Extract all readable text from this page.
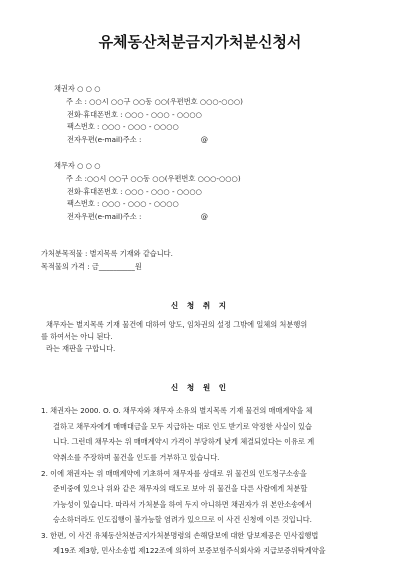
유체동산처분금지가처분신청서
채권자 ○ ○ ○
주 소 : ○○시 ○○구 ○○동 ○○(우편번호 ○○○-○○○)
전화·휴대폰번호 : ○○○ - ○○○ - ○○○○
팩스번호 : ○○○ - ○○○ - ○○○○
전자우편(e-mail)주소 :                          @
채무자 ○ ○ ○
주 소 :○○시 ○○구 ○○동 ○○(우편번호 ○○○-○○○)
전화·휴대폰번호 : ○○○ - ○○○ - ○○○○
팩스번호 : ○○○ - ○○○ - ○○○○
전자우편(e-mail)주소 :                          @
가처분목적물 : 별지목록 기재와 같습니다.
목적물의 가격 : 금__________원
신 청 취 지
채무자는 별지목록 기재 물건에 대하여 양도, 임차권의 설정 그밖에 일체의 처분행위
를 하여서는 아니 된다.
라는 재판을 구합니다.
신 청 원 인
1. 채권자는 2000. O. O. 채무자와 채무자 소유의 별지목록 기재 물건의 매매계약을 체
결하고 채무자에게 매매대금을 모두 지급하는 대로 인도 받기로 약정한 사실이 있습
니다. 그런데 채무자는 위 매매계약시 가격이 부당하게 낮게 체결되었다는 이유로 계
약취소를 주장하며 물건을 인도를 거부하고 있습니다.
2. 이에 채권자는 위 매매계약에 기초하여 채무자를 상대로 위 물건의 인도청구소송을
준비중에 있으나 위와 같은 채무자의 태도로 보아 위 물건을 다른 사람에게 처분할
가능성이 있습니다. 따라서 가처분을 하여 두지 아니하면 채권자가 위 본안소송에서
승소하더라도 인도집행이 불가능할 염려가 있으므로 이 사건 신청에 이른 것입니다.
3. 한편, 이 사건 유체동산처분금지가처분명령의 손해담보에 대한 담보제공은 민사집행법
제19조 제3항, 민사소송법 제122조에 의하여 보증보험주식회사와 지급보증위탁계약을
